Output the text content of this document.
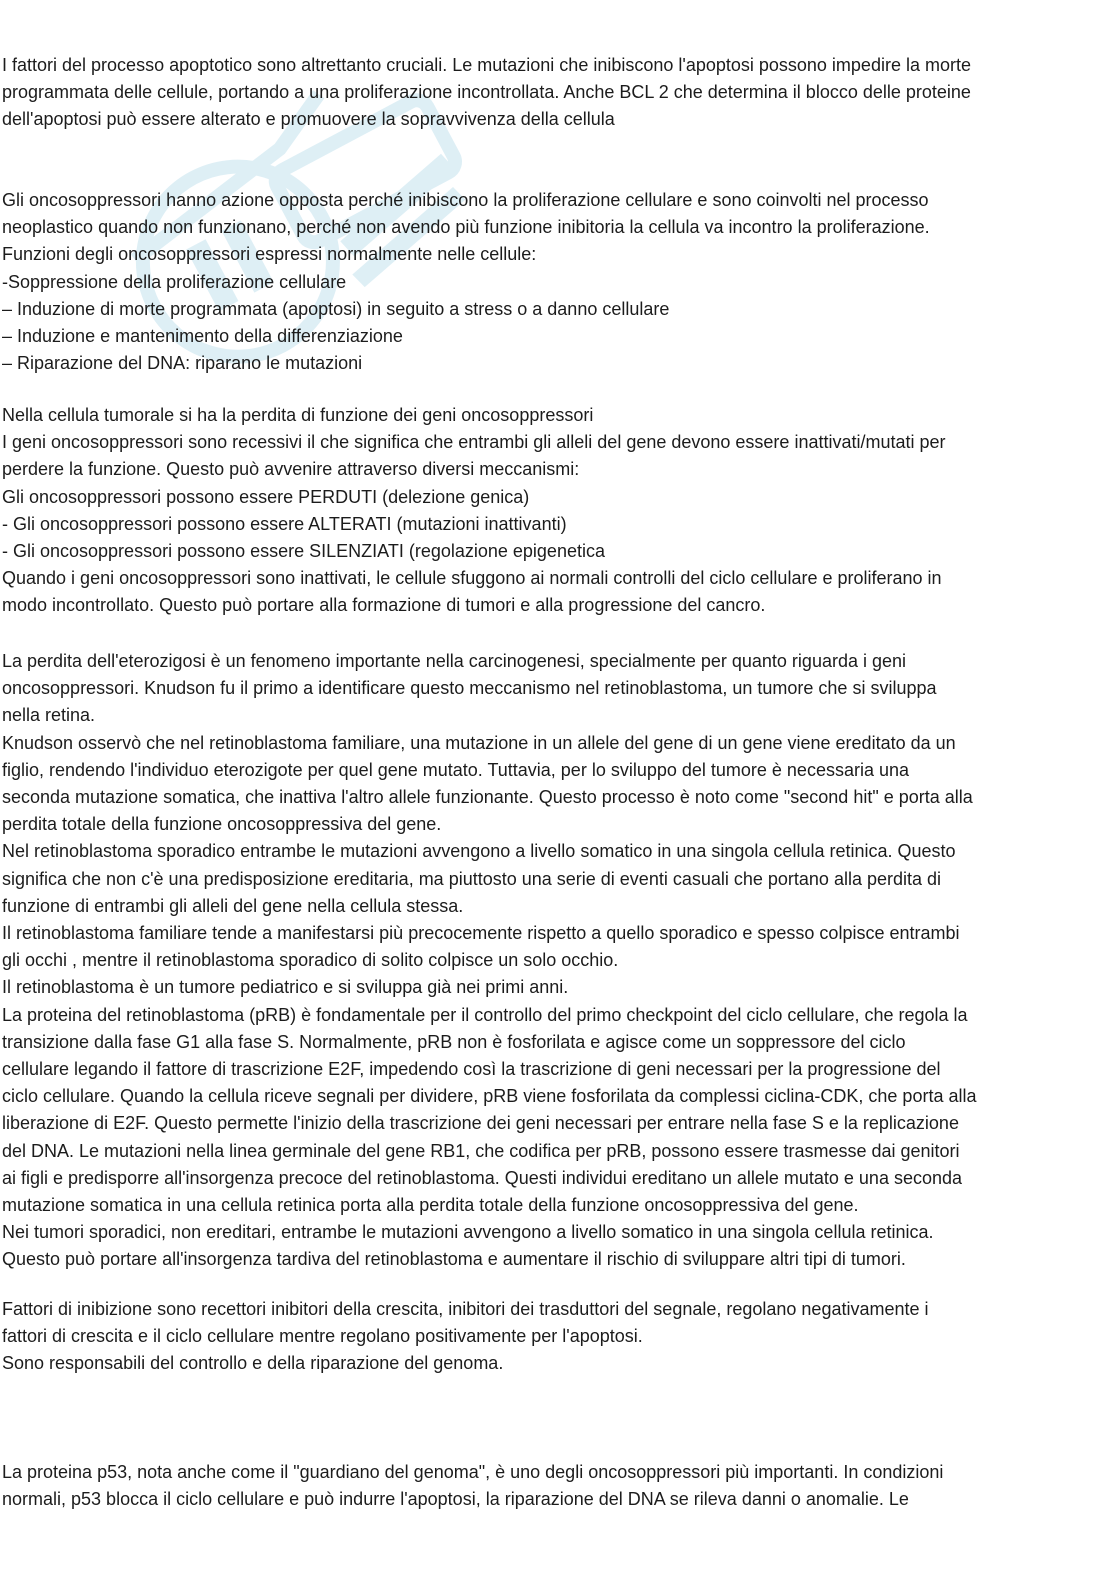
I fattori del processo apoptotico sono altrettanto cruciali. Le mutazioni che inibiscono l'apoptosi possono impedire la morte
programmata delle cellule, portando a una proliferazione incontrollata. Anche BCL 2 che determina il blocco delle proteine
dell'apoptosi può essere alterato e promuovere la sopravvivenza della cellula
Gli oncosoppressori hanno azione opposta perché inibiscono la proliferazione cellulare e sono coinvolti nel processo
neoplastico quando non funzionano, perché non avendo più funzione inibitoria la cellula va incontro la proliferazione.
Funzioni degli oncosoppressori espressi normalmente nelle cellule:
-Soppressione della proliferazione cellulare
– Induzione di morte programmata (apoptosi) in seguito a stress o a danno cellulare
– Induzione e mantenimento della differenziazione
– Riparazione del DNA: riparano le mutazioni
Nella cellula tumorale si ha la perdita di funzione dei geni oncosoppressori
I geni oncosoppressori sono recessivi il che significa che entrambi gli alleli del gene devono essere inattivati/mutati per
perdere la funzione. Questo può avvenire attraverso diversi meccanismi:
Gli oncosoppressori possono essere PERDUTI (delezione genica)
- Gli oncosoppressori possono essere ALTERATI (mutazioni inattivanti)
- Gli oncosoppressori possono essere SILENZIATI (regolazione epigenetica
Quando i geni oncosoppressori sono inattivati, le cellule sfuggono ai normali controlli del ciclo cellulare e proliferano in
modo incontrollato. Questo può portare alla formazione di tumori e alla progressione del cancro.
La perdita dell'eterozigosi è un fenomeno importante nella carcinogenesi, specialmente per quanto riguarda i geni
oncosoppressori. Knudson fu il primo a identificare questo meccanismo nel retinoblastoma, un tumore che si sviluppa
nella retina.
Knudson osservò che nel retinoblastoma familiare, una mutazione in un allele del gene di un gene viene ereditato da un
figlio, rendendo l'individuo eterozigote per quel gene mutato. Tuttavia, per lo sviluppo del tumore è necessaria una
seconda mutazione somatica, che inattiva l'altro allele funzionante. Questo processo è noto come "second hit" e porta alla
perdita totale della funzione oncosoppressiva del gene.
Nel retinoblastoma sporadico entrambe le mutazioni avvengono a livello somatico in una singola cellula retinica. Questo
significa che non c'è una predisposizione ereditaria, ma piuttosto una serie di eventi casuali che portano alla perdita di
funzione di entrambi gli alleli del gene nella cellula stessa.
Il retinoblastoma familiare tende a manifestarsi più precocemente rispetto a quello sporadico e spesso colpisce entrambi
gli occhi , mentre il retinoblastoma sporadico di solito colpisce un solo occhio.
Il retinoblastoma è un tumore pediatrico e si sviluppa già nei primi anni.
La proteina del retinoblastoma (pRB) è fondamentale per il controllo del primo checkpoint del ciclo cellulare, che regola la
transizione dalla fase G1 alla fase S. Normalmente, pRB non è fosforilata e agisce come un soppressore del ciclo
cellulare legando il fattore di trascrizione E2F, impedendo così la trascrizione di geni necessari per la progressione del
ciclo cellulare. Quando la cellula riceve segnali per dividere, pRB viene fosforilata da complessi ciclina-CDK, che porta alla
liberazione di E2F. Questo permette l'inizio della trascrizione dei geni necessari per entrare nella fase S e la replicazione
del DNA. Le mutazioni nella linea germinale del gene RB1, che codifica per pRB, possono essere trasmesse dai genitori
ai figli e predisporre all'insorgenza precoce del retinoblastoma. Questi individui ereditano un allele mutato e una seconda
mutazione somatica in una cellula retinica porta alla perdita totale della funzione oncosoppressiva del gene.
Nei tumori sporadici, non ereditari, entrambe le mutazioni avvengono a livello somatico in una singola cellula retinica.
Questo può portare all'insorgenza tardiva del retinoblastoma e aumentare il rischio di sviluppare altri tipi di tumori.
Fattori di inibizione sono recettori inibitori della crescita, inibitori dei trasduttori del segnale, regolano negativamente i
fattori di crescita e il ciclo cellulare mentre regolano positivamente per l'apoptosi.
Sono responsabili del controllo e della riparazione del genoma.
La proteina p53, nota anche come il "guardiano del genoma", è uno degli oncosoppressori più importanti. In condizioni
normali, p53 blocca il ciclo cellulare e può indurre l'apoptosi, la riparazione del DNA se rileva danni o anomalie. Le
